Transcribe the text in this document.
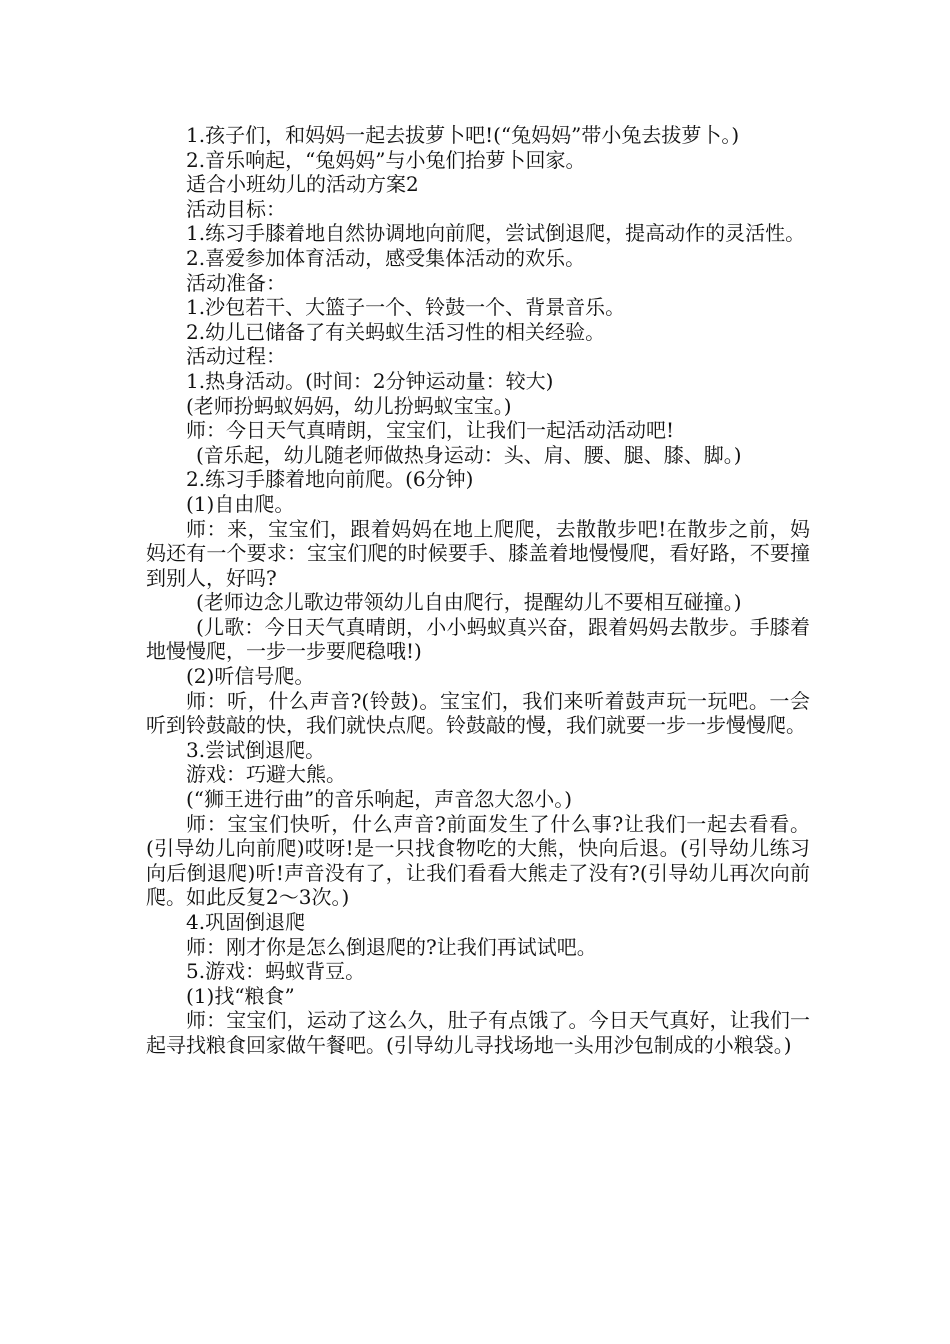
1.孩子们，和妈妈一起去拔萝卜吧!(“兔妈妈”带小兔去拔萝卜。)

2.音乐响起，“兔妈妈”与小兔们抬萝卜回家。

适合小班幼儿的活动方案2

活动目标：

1.练习手膝着地自然协调地向前爬，尝试倒退爬，提高动作的灵活性。

2.喜爱参加体育活动，感受集体活动的欢乐。

活动准备：

1.沙包若干、大篮子一个、铃鼓一个、背景音乐。

2.幼儿已储备了有关蚂蚁生活习性的相关经验。

活动过程：

1.热身活动。(时间：2分钟运动量：较大)

(老师扮蚂蚁妈妈，幼儿扮蚂蚁宝宝。)

师：今日天气真晴朗，宝宝们，让我们一起活动活动吧!

(音乐起，幼儿随老师做热身运动：头、肩、腰、腿、膝、脚。)

2.练习手膝着地向前爬。(6分钟)

(1)自由爬。

师：来，宝宝们，跟着妈妈在地上爬爬，去散散步吧!在散步之前，妈妈还有一个要求：宝宝们爬的时候要手、膝盖着地慢慢爬，看好路，不要撞到别人，好吗?

(老师边念儿歌边带领幼儿自由爬行，提醒幼儿不要相互碰撞。)

(儿歌：今日天气真晴朗，小小蚂蚁真兴奋，跟着妈妈去散步。手膝着地慢慢爬，一步一步要爬稳哦!)

(2)听信号爬。

师：听，什么声音?(铃鼓)。宝宝们，我们来听着鼓声玩一玩吧。一会听到铃鼓敲的快，我们就快点爬。铃鼓敲的慢，我们就要一步一步慢慢爬。

3.尝试倒退爬。

游戏：巧避大熊。

(“狮王进行曲”的音乐响起，声音忽大忽小。)

师：宝宝们快听，什么声音?前面发生了什么事?让我们一起去看看。(引导幼儿向前爬)哎呀!是一只找食物吃的大熊，快向后退。(引导幼儿练习向后倒退爬)听!声音没有了，让我们看看大熊走了没有?(引导幼儿再次向前爬。如此反复2～3次。)

4.巩固倒退爬

师：刚才你是怎么倒退爬的?让我们再试试吧。

5.游戏：蚂蚁背豆。

(1)找“粮食”

师：宝宝们，运动了这么久，肚子有点饿了。今日天气真好，让我们一起寻找粮食回家做午餐吧。(引导幼儿寻找场地一头用沙包制成的小粮袋。)
